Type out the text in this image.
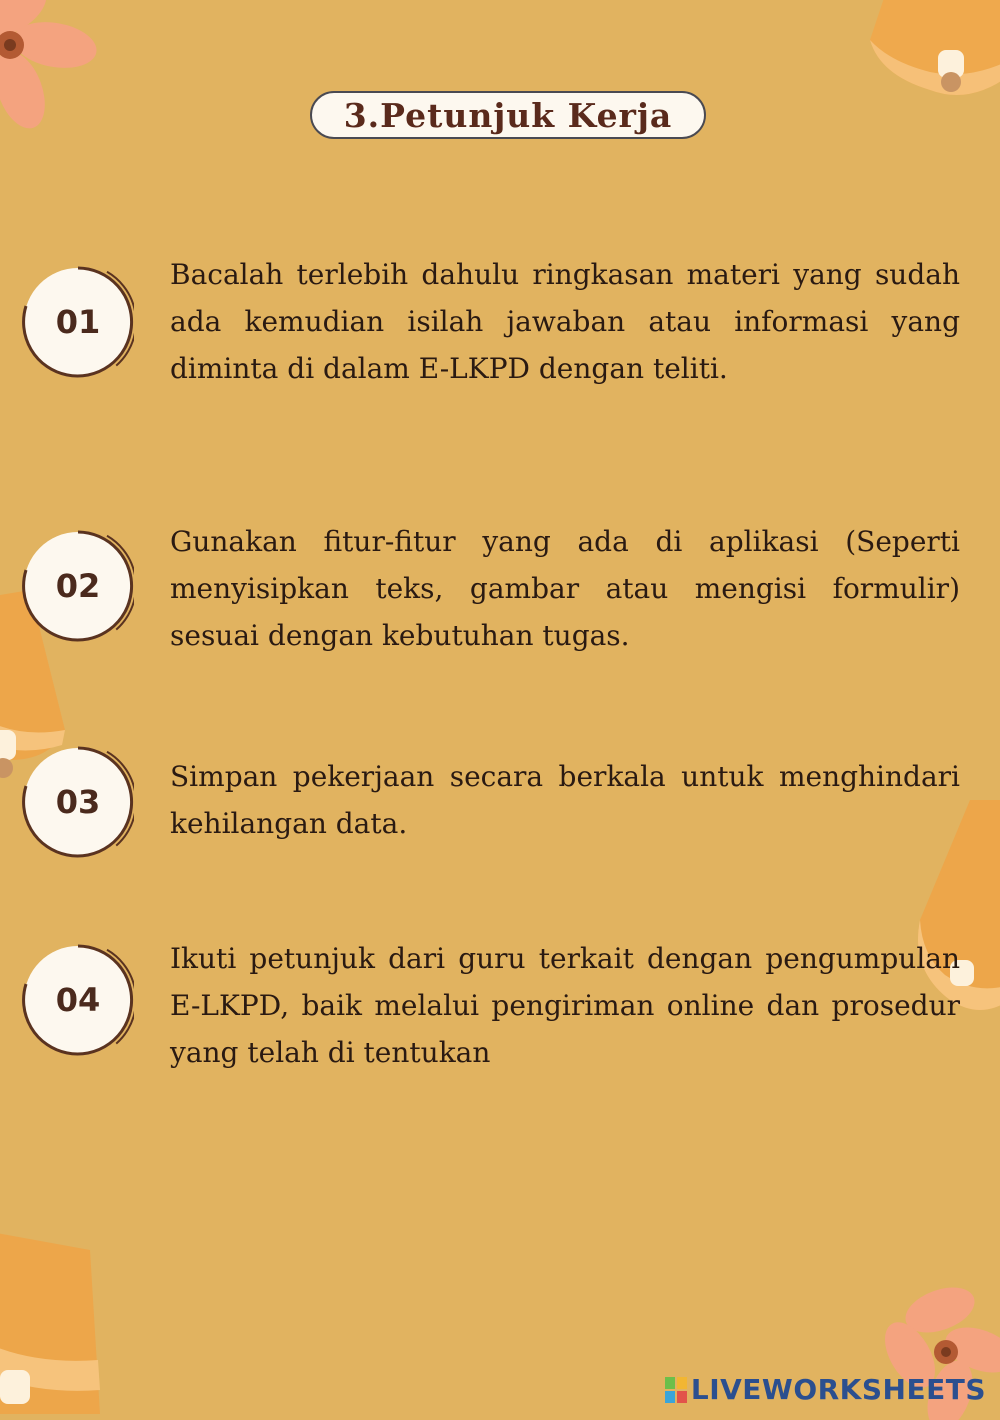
3.Petunjuk Kerja
01

Bacalah terlebih dahulu ringkasan materi yang sudah ada kemudian isilah jawaban atau informasi yang diminta di dalam E-LKPD dengan teliti.

02

Gunakan fitur-fitur yang ada di aplikasi (Seperti menyisipkan teks, gambar atau mengisi formulir) sesuai dengan kebutuhan tugas.

03

Simpan pekerjaan secara berkala untuk menghindari kehilangan data.

04

Ikuti petunjuk dari guru terkait dengan pengumpulan E-LKPD, baik melalui pengiriman online dan prosedur yang telah di tentukan

LIVEWORKSHEETS
